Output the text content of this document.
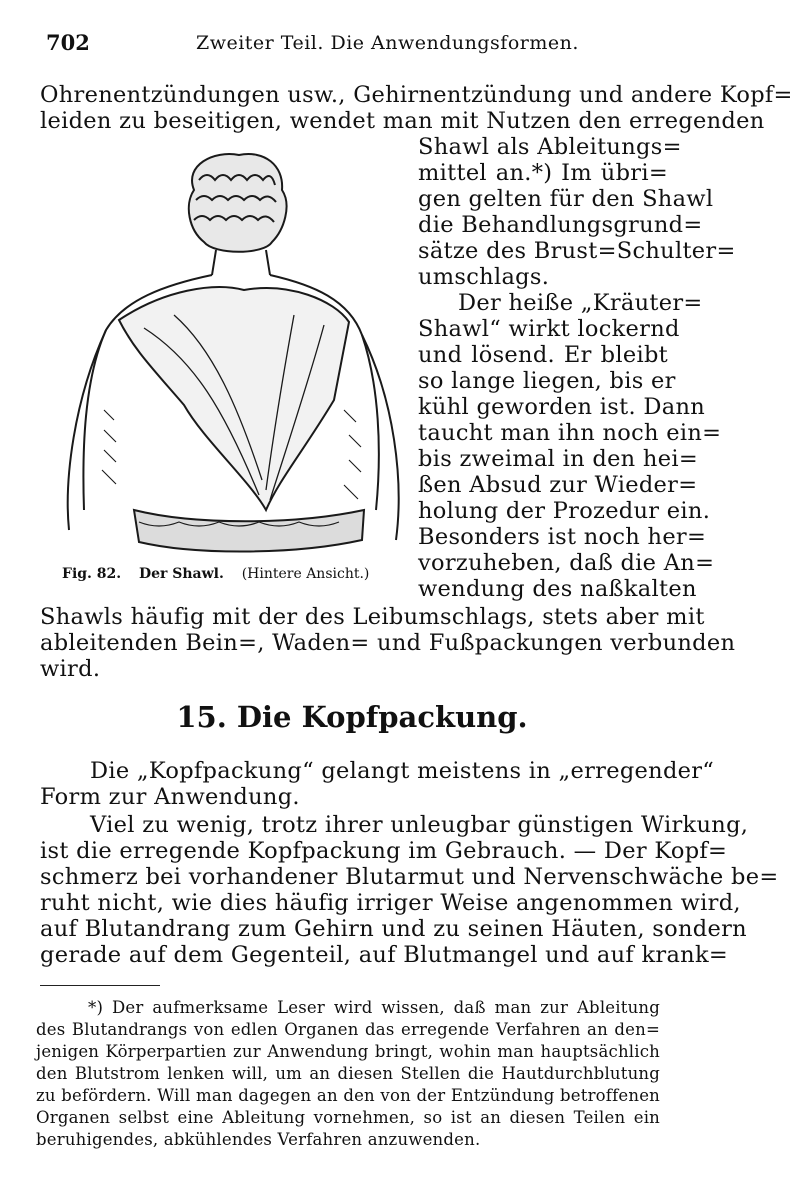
702	Zweiter Teil. Die Anwendungsformen.
Ohrenentzündungen usw., Gehirnentzündung und andere Kopf=
leiden zu beseitigen, wendet man mit Nutzen den erregenden
Fig. 82. Der Shawl. (Hintere Ansicht.)
Shawl als Ableitungs=
mittel an.*) Im übri=
gen gelten für den Shawl
die Behandlungsgrund=
sätze des Brust=Schulter=
umschlags.
Der heiße „Kräuter=
Shawl“ wirkt lockernd
und lösend. Er bleibt
so lange liegen, bis er
kühl geworden ist. Dann
taucht man ihn noch ein=
bis zweimal in den hei=
ßen Absud zur Wieder=
holung der Prozedur ein.
Besonders ist noch her=
vorzuheben, daß die An=
wendung des naßkalten
Shawls häufig mit der des Leibumschlags, stets aber mit
ableitenden Bein=, Waden= und Fußpackungen verbunden
wird.
15. Die Kopfpackung.
Die „Kopfpackung“ gelangt meistens in „erregender“
Form zur Anwendung.
Viel zu wenig, trotz ihrer unleugbar günstigen Wirkung,
ist die erregende Kopfpackung im Gebrauch. — Der Kopf=
schmerz bei vorhandener Blutarmut und Nervenschwäche be=
ruht nicht, wie dies häufig irriger Weise angenommen wird,
auf Blutandrang zum Gehirn und zu seinen Häuten, sondern
gerade auf dem Gegenteil, auf Blutmangel und auf krank=
*) Der aufmerksame Leser wird wissen, daß man zur Ableitung
des Blutandrangs von edlen Organen das erregende Verfahren an den=
jenigen Körperpartien zur Anwendung bringt, wohin man hauptsächlich
den Blutstrom lenken will, um an diesen Stellen die Hautdurchblutung
zu befördern. Will man dagegen an den von der Entzündung betroffenen
Organen selbst eine Ableitung vornehmen, so ist an diesen Teilen ein
beruhigendes, abkühlendes Verfahren anzuwenden.
